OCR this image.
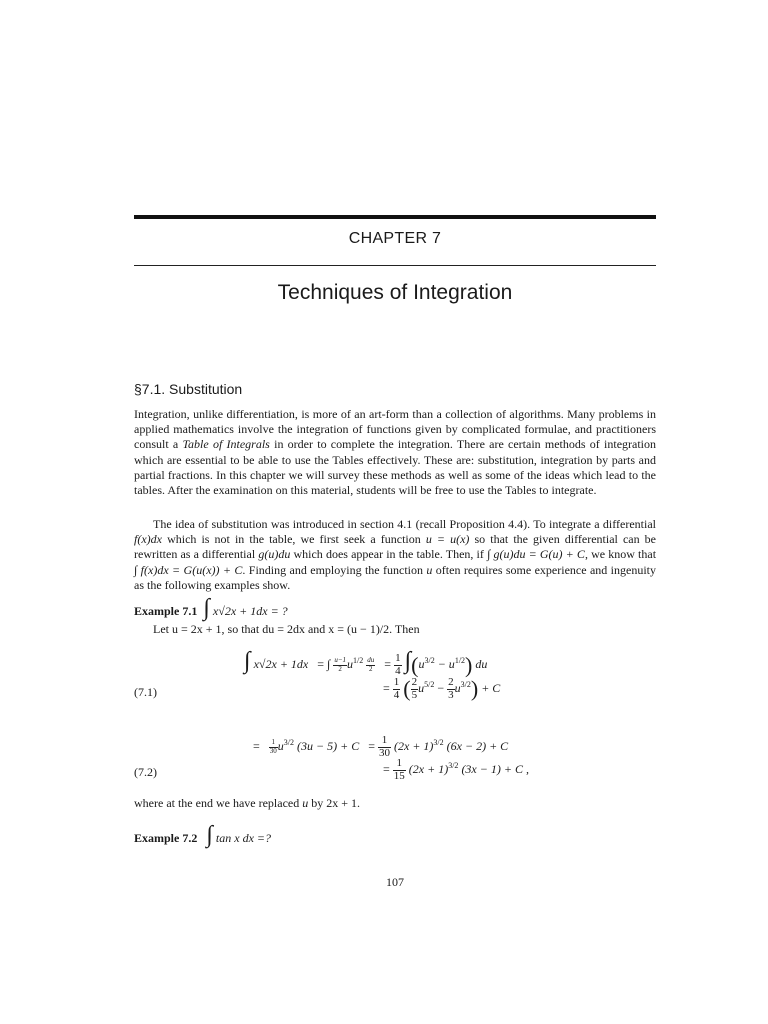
CHAPTER 7
Techniques of Integration
§7.1. Substitution
Integration, unlike differentiation, is more of an art-form than a collection of algorithms. Many problems in applied mathematics involve the integration of functions given by complicated formulae, and practitioners consult a Table of Integrals in order to complete the integration. There are certain methods of integration which are essential to be able to use the Tables effectively. These are: substitution, integration by parts and partial fractions. In this chapter we will survey these methods as well as some of the ideas which lead to the tables. After the examination on this material, students will be free to use the Tables to integrate.
The idea of substitution was introduced in section 4.1 (recall Proposition 4.4). To integrate a differential f(x)dx which is not in the table, we first seek a function u = u(x) so that the given differential can be rewritten as a differential g(u)du which does appear in the table. Then, if ∫ g(u)du = G(u) + C, we know that ∫ f(x)dx = G(u(x)) + C. Finding and employing the function u often requires some experience and ingenuity as the following examples show.
Example 7.1 ∫ x√2x + 1dx = ?
Let u = 2x + 1, so that du = 2dx and x = (u − 1)/2. Then
∫ x√2x + 1dx = ∫ $\frac{u-1}{2} u^{1/2} \frac{du}{2} = \frac{1}{4} \int(u^{3/2} - u^{1/2})$ du
(7.1)	= $\frac{1}{4}$ ( $\frac{2}{5} u^{5/2} - \frac{2}{3} u^{3/2}) + C$
= $\frac{1}{30} u^{3/2}$ $(3u - 5) + C = \frac{1}{30} (2x + 1)^{3/2}$ (6x − 2) + C
(7.2)	= $\frac{1}{15} (2x + 1)^{3/2}$ (3x − 1) + C ,
where at the end we have replaced u by 2x + 1.
Example 7.2 ∫ tan x dx =?
107
